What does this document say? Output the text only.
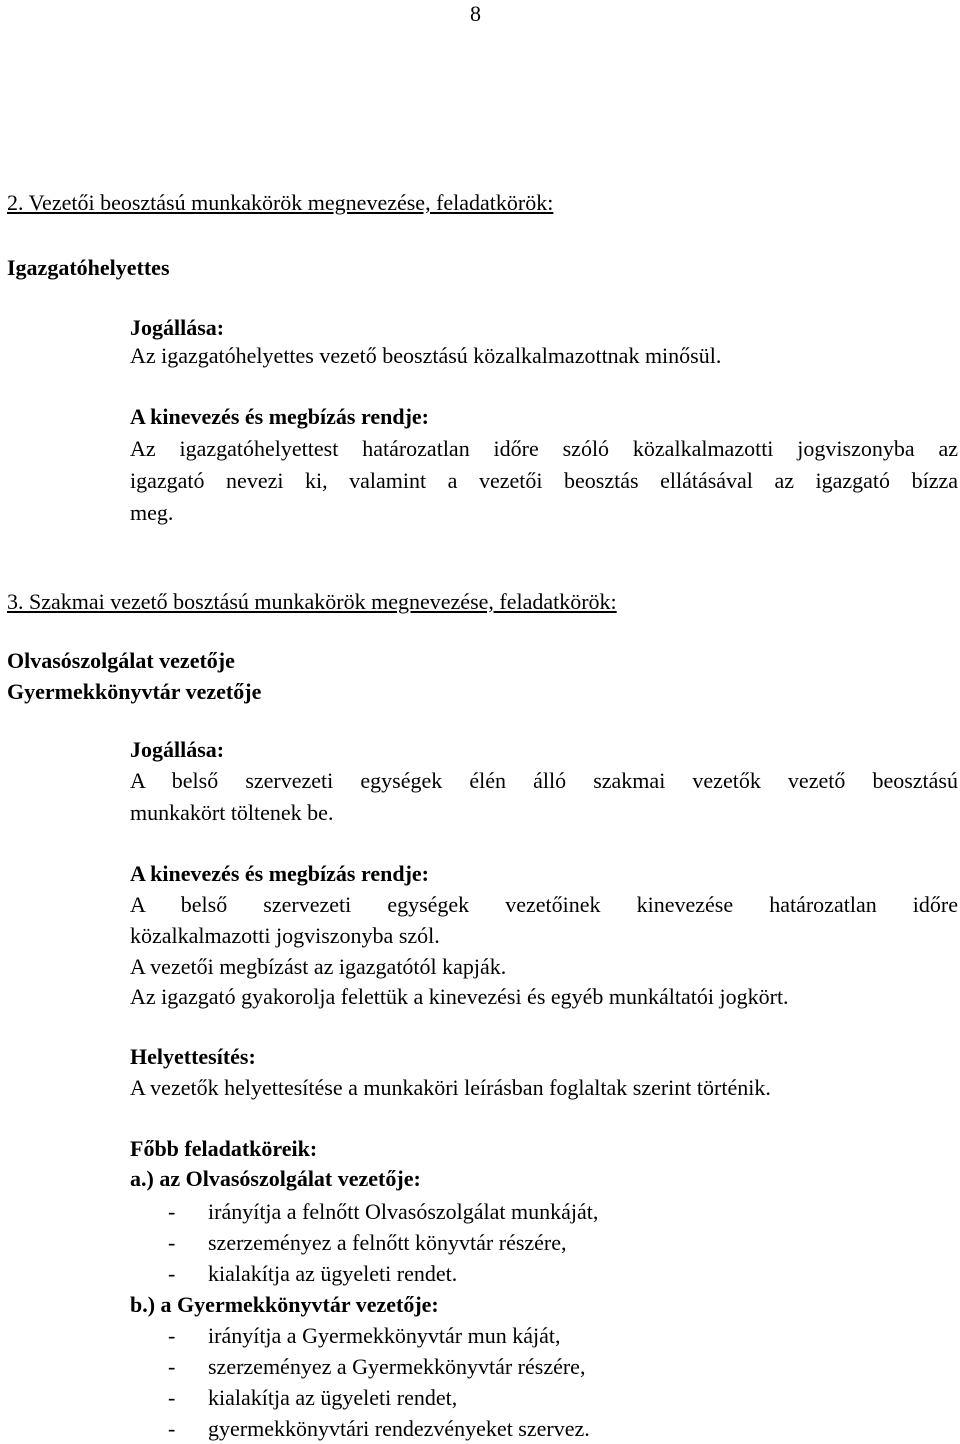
8
2. Vezetői beosztású munkakörök megnevezése, feladatkörök:
Igazgatóhelyettes
Jogállása:
Az igazgatóhelyettes vezető beosztású közalkalmazottnak minősül.
A kinevezés és megbízás rendje:
Az igazgatóhelyettest határozatlan időre szóló közalkalmazotti jogviszonyba az
igazgató nevezi ki, valamint a vezetői beosztás ellátásával az igazgató bízza
meg.
3. Szakmai vezető bosztású munkakörök megnevezése, feladatkörök:
Olvasószolgálat vezetője
Gyermekkönyvtár vezetője
Jogállása:
A belső szervezeti egységek élén álló szakmai vezetők vezető beosztású
munkakört töltenek be.
A kinevezés és megbízás rendje:
A belső szervezeti egységek vezetőinek kinevezése határozatlan időre
közalkalmazotti jogviszonyba szól.
A vezetői megbízást az igazgatótól kapják.
Az igazgató gyakorolja felettük a kinevezési és egyéb munkáltatói jogkört.
Helyettesítés:
A vezetők helyettesítése a munkaköri leírásban foglaltak szerint történik.
Főbb feladatköreik:
a.) az Olvasószolgálat vezetője:
- irányítja a felnőtt Olvasószolgálat munkáját,
- szerzeményez a felnőtt könyvtár részére,
- kialakítja az ügyeleti rendet.
b.) a Gyermekkönyvtár vezetője:
- irányítja a Gyermekkönyvtár mun káját,
- szerzeményez a Gyermekkönyvtár részére,
- kialakítja az ügyeleti rendet,
- gyermekkönyvtári rendezvényeket szervez.
